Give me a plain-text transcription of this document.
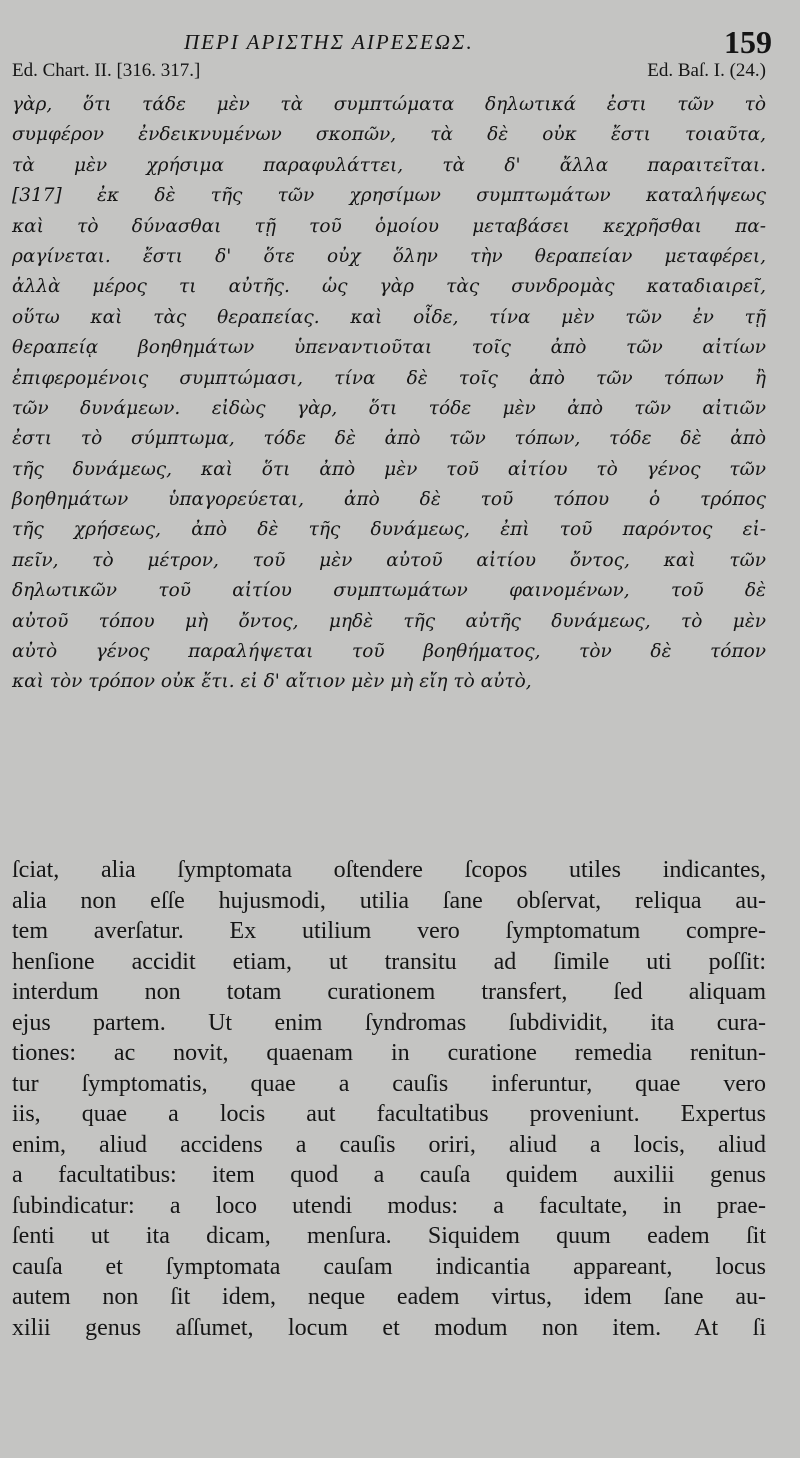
ΠΕΡΙ ΑΡΙΣΤΗΣ ΑΙΡΕΣΕΩΣ.	159
Ed. Chart. II. [316. 317.]	Ed. Baſ. I. (24.)
γὰρ, ὅτι τάδε μὲν τὰ συμπτώματα δηλωτικά ἐστι τῶν τὸ
συμφέρον ἐνδεικνυμένων σκοπῶν, τὰ δὲ οὐκ ἔστι τοιαῦτα,
τὰ μὲν χρήσιμα παραφυλάττει, τὰ δ' ἄλλα παραιτεῖται.
[317] ἐκ δὲ τῆς τῶν χρησίμων συμπτωμάτων καταλήψεως
καὶ τὸ δύνασθαι τῇ τοῦ ὁμοίου μεταβάσει κεχρῆσθαι πα-
ραγίνεται. ἔστι δ' ὅτε οὐχ ὅλην τὴν θεραπείαν μεταφέρει,
ἀλλὰ μέρος τι αὐτῆς. ὡς γὰρ τὰς συνδρομὰς καταδιαιρεῖ,
οὕτω καὶ τὰς θεραπείας. καὶ οἶδε, τίνα μὲν τῶν ἐν τῇ
θεραπείᾳ βοηθημάτων ὑπεναντιοῦται τοῖς ἀπὸ τῶν αἰτίων
ἐπιφερομένοις συμπτώμασι, τίνα δὲ τοῖς ἀπὸ τῶν τόπων ἢ
τῶν δυνάμεων. εἰδὼς γὰρ, ὅτι τόδε μὲν ἀπὸ τῶν αἰτιῶν
ἐστι τὸ σύμπτωμα, τόδε δὲ ἀπὸ τῶν τόπων, τόδε δὲ ἀπὸ
τῆς δυνάμεως, καὶ ὅτι ἀπὸ μὲν τοῦ αἰτίου τὸ γένος τῶν
βοηθημάτων ὑπαγορεύεται, ἀπὸ δὲ τοῦ τόπου ὁ τρόπος
τῆς χρήσεως, ἀπὸ δὲ τῆς δυνάμεως, ἐπὶ τοῦ παρόντος εἰ-
πεῖν, τὸ μέτρον, τοῦ μὲν αὐτοῦ αἰτίου ὄντος, καὶ τῶν
δηλωτικῶν τοῦ αἰτίου συμπτωμάτων φαινομένων, τοῦ δὲ
αὐτοῦ τόπου μὴ ὄντος, μηδὲ τῆς αὐτῆς δυνάμεως, τὸ μὲν
αὐτὸ γένος παραλήψεται τοῦ βοηθήματος, τὸν δὲ τόπον
καὶ τὸν τρόπον οὐκ ἔτι. εἰ δ' αἴτιον μὲν μὴ εἴη τὸ αὐτὸ,
ſciat, alia ſymptomata oſtendere ſcopos utiles indicantes,
alia non eſſe hujusmodi, utilia ſane obſervat, reliqua au-
tem averſatur. Ex utilium vero ſymptomatum compre-
henſione accidit etiam, ut transitu ad ſimile uti poſſit:
interdum non totam curationem transfert, ſed aliquam
ejus partem. Ut enim ſyndromas ſubdividit, ita cura-
tiones: ac novit, quaenam in curatione remedia renitun-
tur ſymptomatis, quae a cauſis inferuntur, quae vero
iis, quae a locis aut facultatibus proveniunt. Expertus
enim, aliud accidens a cauſis oriri, aliud a locis, aliud
a facultatibus: item quod a cauſa quidem auxilii genus
ſubindicatur: a loco utendi modus: a facultate, in prae-
ſenti ut ita dicam, menſura. Siquidem quum eadem ſit
cauſa et ſymptomata cauſam indicantia appareant, locus
autem non ſit idem, neque eadem virtus, idem ſane au-
xilii genus aſſumet, locum et modum non item. At ſi
